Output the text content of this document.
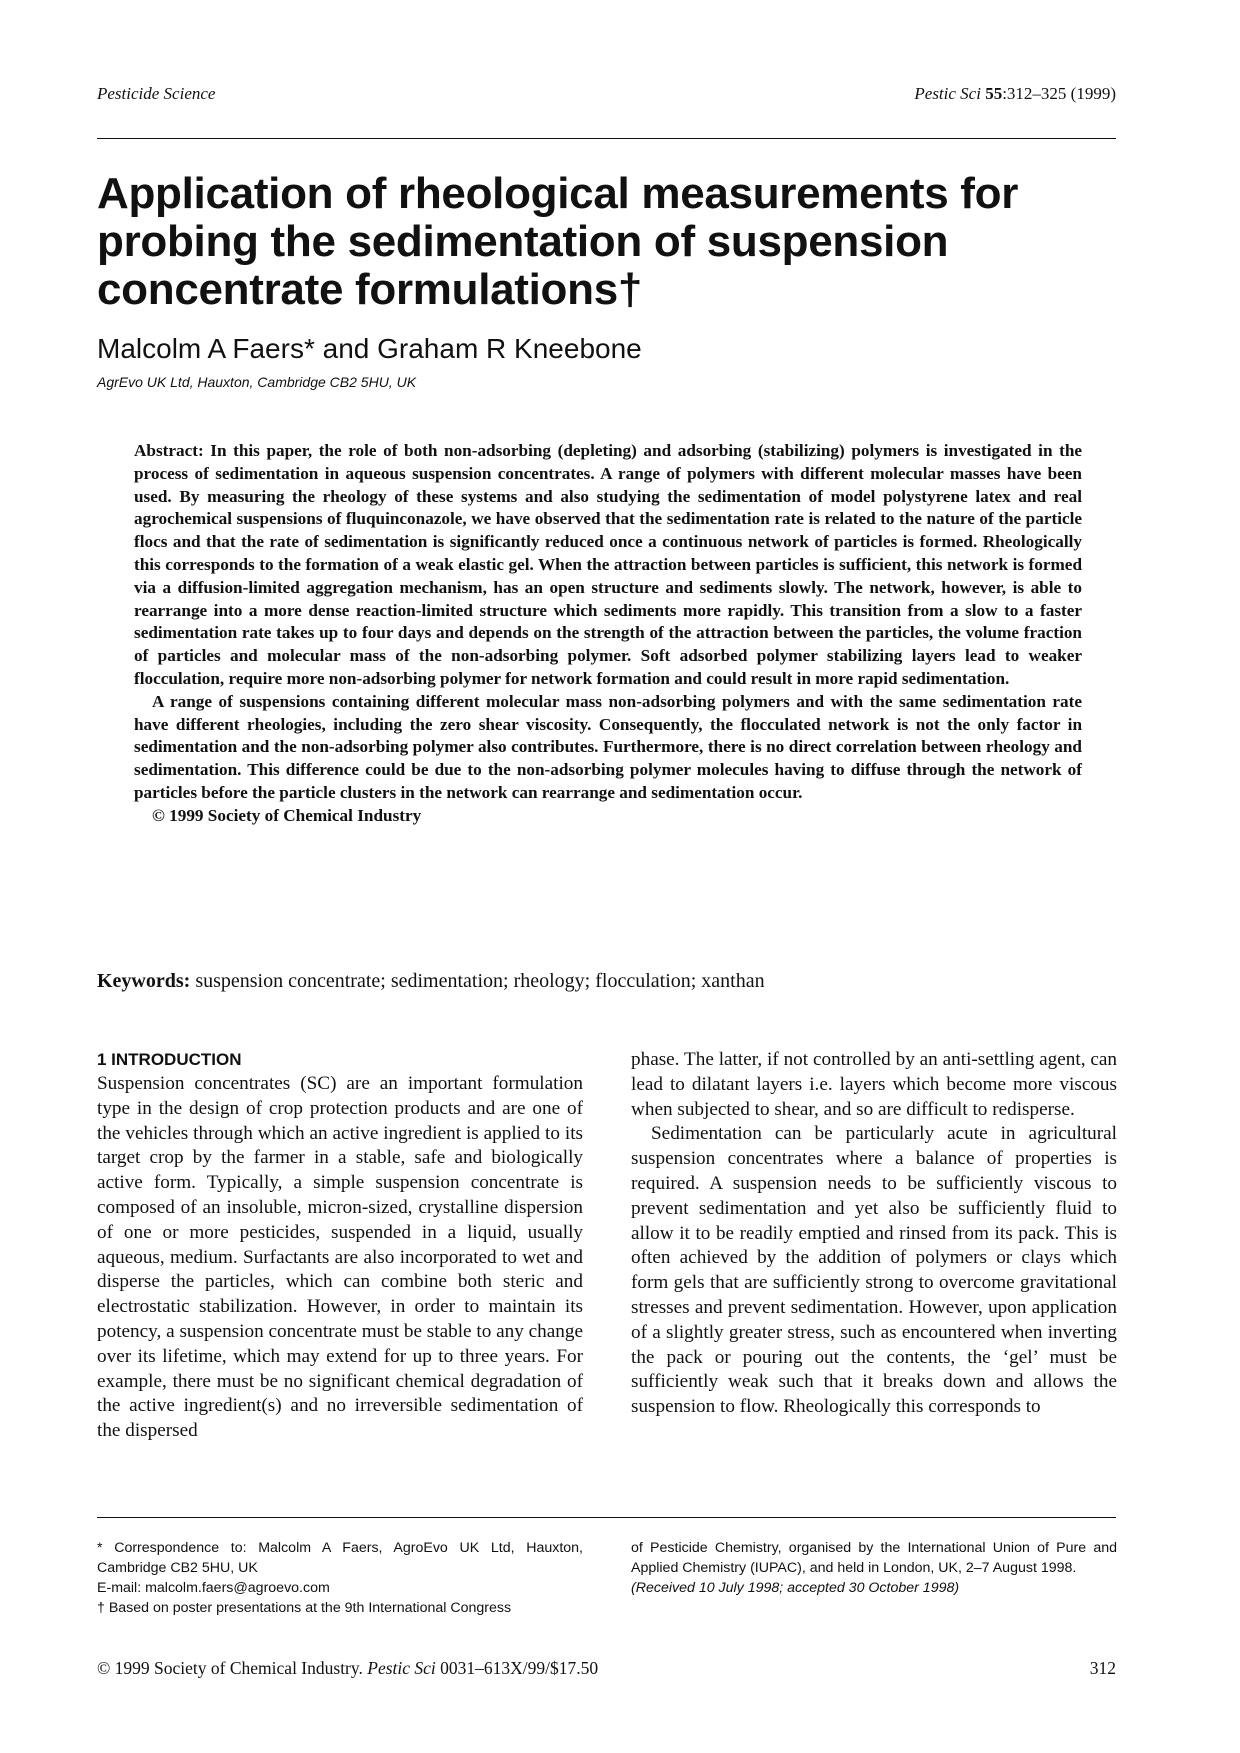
Pesticide Science	Pestic Sci 55:312–325 (1999)
Application of rheological measurements for probing the sedimentation of suspension concentrate formulations†
Malcolm A Faers* and Graham R Kneebone
AgrEvo UK Ltd, Hauxton, Cambridge CB2 5HU, UK

Abstract: In this paper, the role of both non-adsorbing (depleting) and adsorbing (stabilizing) polymers is investigated in the process of sedimentation in aqueous suspension concentrates. A range of polymers with different molecular masses have been used. By measuring the rheology of these systems and also studying the sedimentation of model polystyrene latex and real agrochemical suspensions of fluquinconazole, we have observed that the sedimentation rate is related to the nature of the particle flocs and that the rate of sedimentation is significantly reduced once a continuous network of particles is formed. Rheologically this corresponds to the formation of a weak elastic gel. When the attraction between particles is sufficient, this network is formed via a diffusion-limited aggregation mechanism, has an open structure and sediments slowly. The network, however, is able to rearrange into a more dense reaction-limited structure which sediments more rapidly. This transition from a slow to a faster sedimentation rate takes up to four days and depends on the strength of the attraction between the particles, the volume fraction of particles and molecular mass of the non-adsorbing polymer. Soft adsorbed polymer stabilizing layers lead to weaker flocculation, require more non-adsorbing polymer for network formation and could result in more rapid sedimentation.

A range of suspensions containing different molecular mass non-adsorbing polymers and with the same sedimentation rate have different rheologies, including the zero shear viscosity. Consequently, the flocculated network is not the only factor in sedimentation and the non-adsorbing polymer also contributes. Furthermore, there is no direct correlation between rheology and sedimentation. This difference could be due to the non-adsorbing polymer molecules having to diffuse through the network of particles before the particle clusters in the network can rearrange and sedimentation occur.

© 1999 Society of Chemical Industry

Keywords: suspension concentrate; sedimentation; rheology; flocculation; xanthan
1 INTRODUCTION

Suspension concentrates (SC) are an important formulation type in the design of crop protection products and are one of the vehicles through which an active ingredient is applied to its target crop by the farmer in a stable, safe and biologically active form. Typically, a simple suspension concentrate is composed of an insoluble, micron-sized, crystalline dispersion of one or more pesticides, suspended in a liquid, usually aqueous, medium. Surfactants are also incorporated to wet and disperse the particles, which can combine both steric and electrostatic stabilization. However, in order to maintain its potency, a suspension concentrate must be stable to any change over its lifetime, which may extend for up to three years. For example, there must be no significant chemical degradation of the active ingredient(s) and no irreversible sedimentation of the dispersed

phase. The latter, if not controlled by an anti-settling agent, can lead to dilatant layers i.e. layers which become more viscous when subjected to shear, and so are difficult to redisperse.

Sedimentation can be particularly acute in agricultural suspension concentrates where a balance of properties is required. A suspension needs to be sufficiently viscous to prevent sedimentation and yet also be sufficiently fluid to allow it to be readily emptied and rinsed from its pack. This is often achieved by the addition of polymers or clays which form gels that are sufficiently strong to overcome gravitational stresses and prevent sedimentation. However, upon application of a slightly greater stress, such as encountered when inverting the pack or pouring out the contents, the ‘gel’ must be sufficiently weak such that it breaks down and allows the suspension to flow. Rheologically this corresponds to

* Correspondence to: Malcolm A Faers, AgroEvo UK Ltd, Hauxton, Cambridge CB2 5HU, UK

E-mail: malcolm.faers@agroevo.com

† Based on poster presentations at the 9th International Congress

of Pesticide Chemistry, organised by the International Union of Pure and Applied Chemistry (IUPAC), and held in London, UK, 2–7 August 1998.

(Received 10 July 1998; accepted 30 October 1998)

© 1999 Society of Chemical Industry. Pestic Sci 0031–613X/99/$17.50	312
